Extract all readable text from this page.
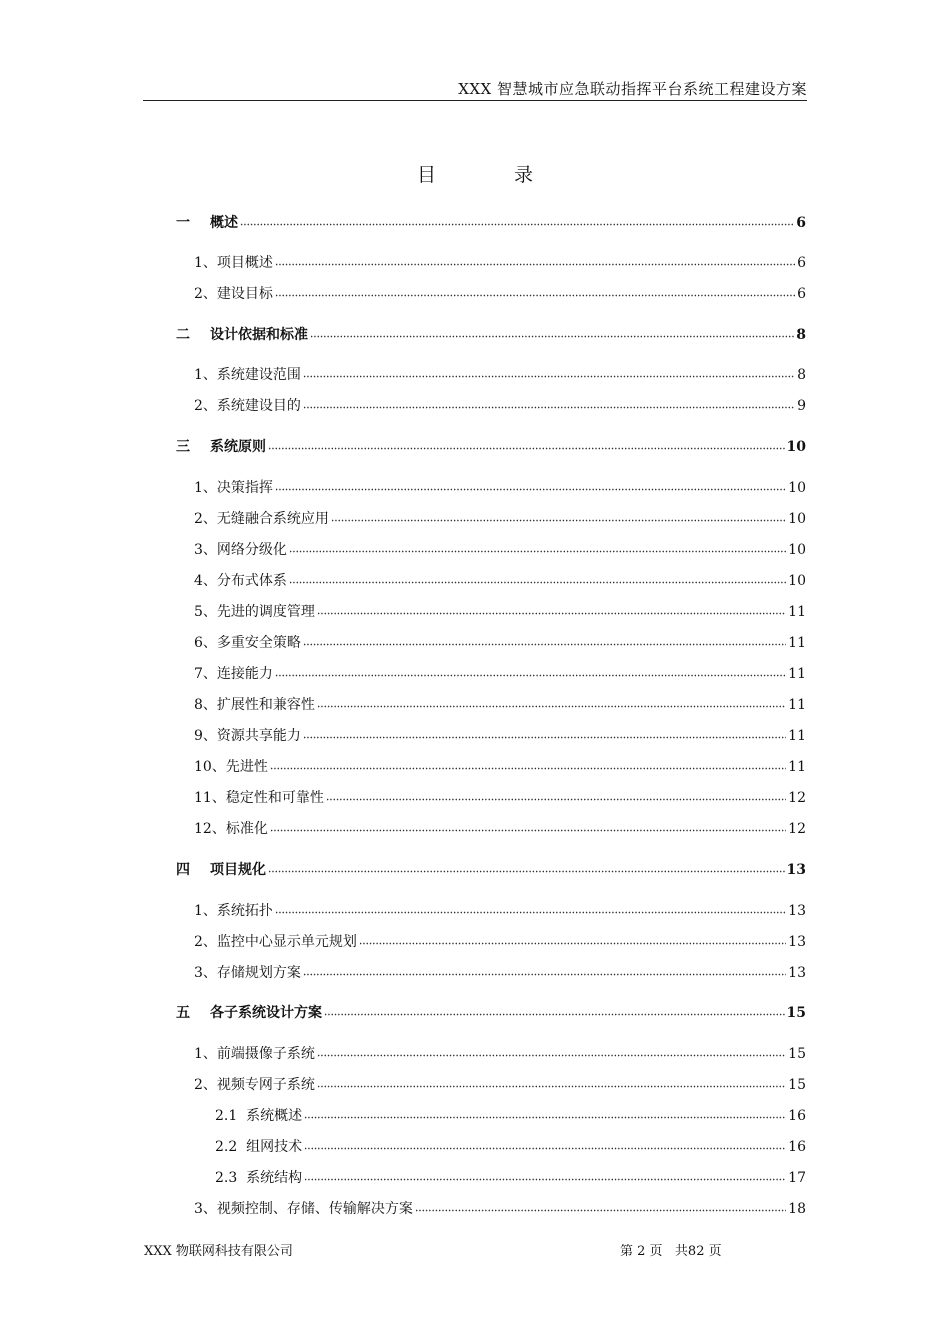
XXX 智慧城市应急联动指挥平台系统工程建设方案
目 录
一	概述	6
1、 项目概述	6
2、 建设目标	6
二	设计依据和标准	8
1、 系统建设范围	8
2、 系统建设目的	9
三	系统原则	10
1、 决策指挥	10
2、 无缝融合系统应用	10
3、 网络分级化	10
4、 分布式体系	10
5、 先进的调度管理	11
6、 多重安全策略	11
7、 连接能力	11
8、 扩展性和兼容性	11
9、 资源共享能力	11
10、 先进性	11
11、 稳定性和可靠性	12
12、 标准化	12
四	项目规化	13
1、 系统拓扑	13
2、 监控中心显示单元规划	13
3、 存储规划方案	13
五	各子系统设计方案	15
1、 前端摄像子系统	15
2、 视频专网子系统	15
2.1 系统概述	16
2.2 组网技术	16
2.3 系统结构	17
3、 视频控制、存储、传输解决方案	18
XXX 物联网科技有限公司	第 2 页   共82 页
